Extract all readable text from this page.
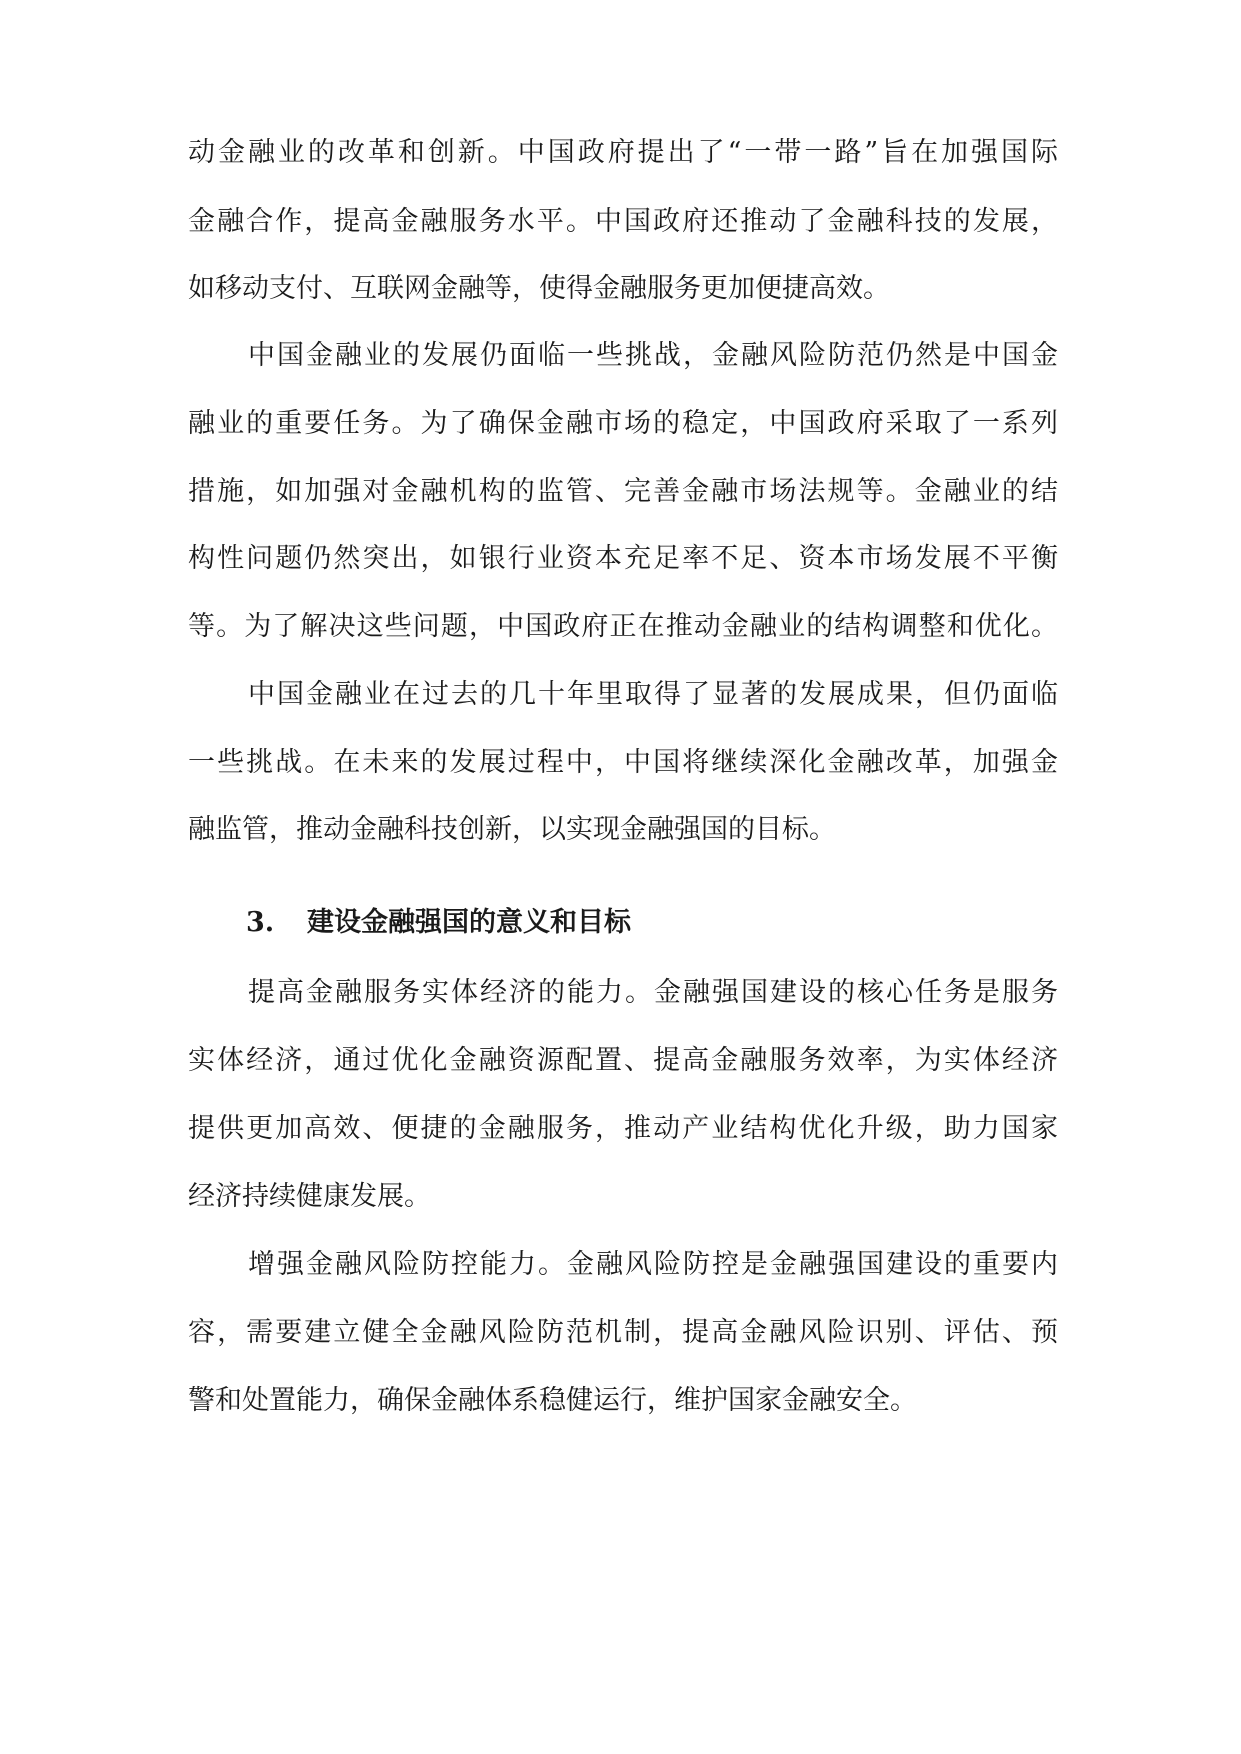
动金融业的改革和创新。中国政府提出了“一带一路”旨在加强国际
金融合作，提高金融服务水平。中国政府还推动了金融科技的发展，
如移动支付、互联网金融等，使得金融服务更加便捷高效。
中国金融业的发展仍面临一些挑战，金融风险防范仍然是中国金
融业的重要任务。为了确保金融市场的稳定，中国政府采取了一系列
措施，如加强对金融机构的监管、完善金融市场法规等。金融业的结
构性问题仍然突出，如银行业资本充足率不足、资本市场发展不平衡
等。为了解决这些问题，中国政府正在推动金融业的结构调整和优化。
中国金融业在过去的几十年里取得了显著的发展成果，但仍面临
一些挑战。在未来的发展过程中，中国将继续深化金融改革，加强金
融监管，推动金融科技创新，以实现金融强国的目标。
3. 建设金融强国的意义和目标
提高金融服务实体经济的能力。金融强国建设的核心任务是服务
实体经济，通过优化金融资源配置、提高金融服务效率，为实体经济
提供更加高效、便捷的金融服务，推动产业结构优化升级，助力国家
经济持续健康发展。
增强金融风险防控能力。金融风险防控是金融强国建设的重要内
容，需要建立健全金融风险防范机制，提高金融风险识别、评估、预
警和处置能力，确保金融体系稳健运行，维护国家金融安全。
